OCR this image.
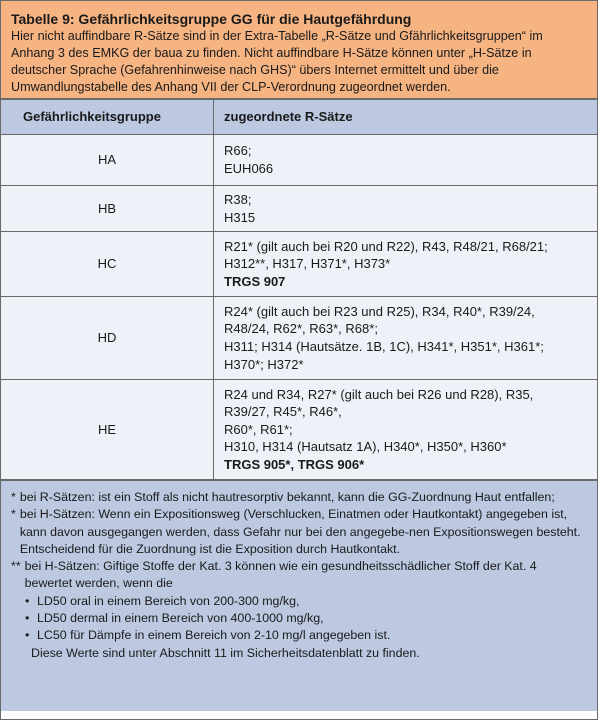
Tabelle 9: Gefährlichkeitsgruppe GG für die Hautgefährdung
Hier nicht auffindbare R-Sätze sind in der Extra-Tabelle „R-Sätze und Gfährlichkeitsgruppen“ im Anhang 3 des EMKG der baua zu finden. Nicht auffindbare H-Sätze können unter „H-Sätze in deutscher Sprache (Gefahrenhinweise nach GHS)“ übers Internet ermittelt und über die Umwandlungstabelle des Anhang VII der CLP-Verordnung zugeordnet werden.
Gefährlichkeitsgruppe	zugeordnete R-Sätze
HA	R66;
EUH066

HB	R38;
H315

HC	R21* (gilt auch bei R20 und R22), R43, R48/21, R68/21;
H312**, H317, H371*, H373*
TRGS 907

HD	R24* (gilt auch bei R23 und R25), R34, R40*, R39/24,
R48/24, R62*, R63*, R68*;
H311; H314 (Hautsätze. 1B, 1C), H341*, H351*, H361*;
H370*; H372*

HE	R24 und R34, R27* (gilt auch bei R26 und R28), R35,
R39/27, R45*, R46*,
R60*, R61*;
H310, H314 (Hautsatz 1A), H340*, H350*, H360*
TRGS 905*, TRGS 906*
* bei R-Sätzen: ist ein Stoff als nicht hautresorptiv bekannt, kann die GG-Zuordnung Haut entfallen;
* bei H-Sätzen: Wenn ein Expositionsweg (Verschlucken, Einatmen oder Hautkontakt) angegeben ist, kann davon ausgegangen werden, dass Gefahr nur bei den angegebe-nen Expositionswegen besteht. Entscheidend für die Zuordnung ist die Exposition durch Hautkontakt.
** bei H-Sätzen: Giftige Stoffe der Kat. 3 können wie ein gesundheitsschädlicher Stoff der Kat. 4 bewertet werden, wenn die
• LD50 oral in einem Bereich von 200-300 mg/kg,
• LD50 dermal in einem Bereich von 400-1000 mg/kg,
• LC50 für Dämpfe in einem Bereich von 2-10 mg/l angegeben ist.
Diese Werte sind unter Abschnitt 11 im Sicherheitsdatenblatt zu finden.
